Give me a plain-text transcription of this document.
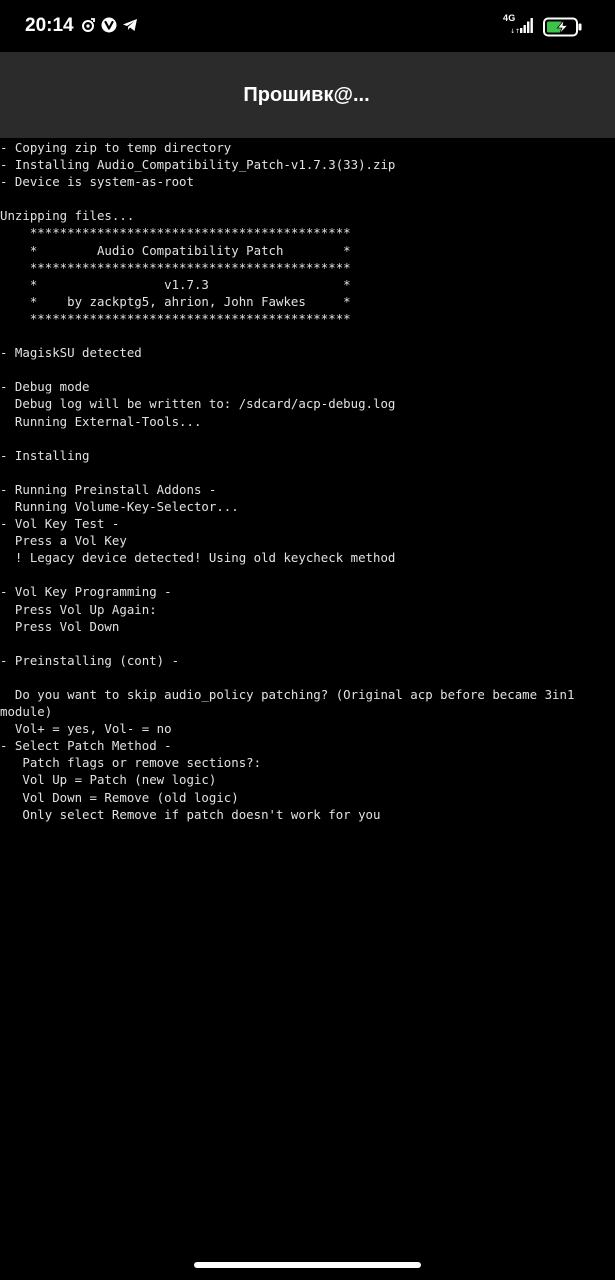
20:14	4G
↓↑
Прошивк@...
- Copying zip to temp directory
- Installing Audio_Compatibility_Patch-v1.7.3(33).zip
- Device is system-as-root
Unzipping files...
*******************************************
*        Audio Compatibility Patch        *
*******************************************
*                 v1.7.3                  *
*    by zackptg5, ahrion, John Fawkes     *
*******************************************
- MagiskSU detected
- Debug mode
Debug log will be written to: /sdcard/acp-debug.log
Running External-Tools...
- Installing
- Running Preinstall Addons -
Running Volume-Key-Selector...
- Vol Key Test -
Press a Vol Key
! Legacy device detected! Using old keycheck method
- Vol Key Programming -
Press Vol Up Again:
Press Vol Down
- Preinstalling (cont) -
Do you want to skip audio_policy patching? (Original acp before became 3in1
module)
Vol+ = yes, Vol- = no
- Select Patch Method -
Patch flags or remove sections?:
Vol Up = Patch (new logic)
Vol Down = Remove (old logic)
Only select Remove if patch doesn't work for you
